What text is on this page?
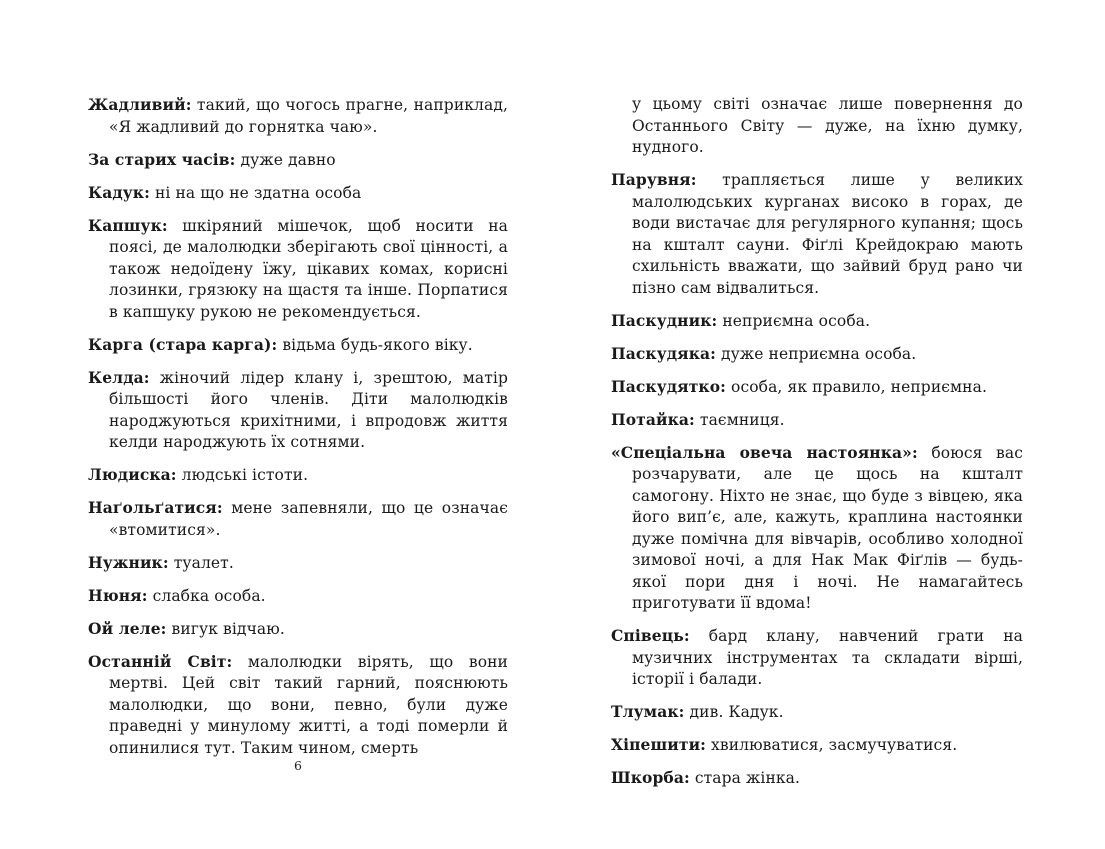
Жадливий: такий, що чогось прагне, наприклад, «Я жадливий до горнятка чаю».

За старих часів: дуже давно

Кадук: ні на що не здатна особа

Капшук: шкіряний мішечок, щоб носити на поясі, де малолюдки зберігають свої цінності, а також недоїдену їжу, цікавих комах, корисні лозинки, грязюку на щастя та інше. Порпатися в капшуку рукою не рекомендується.

Карга (стара карга): відьма будь-якого віку.

Келда: жіночий лідер клану і, зрештою, матір більшості його членів. Діти малолюдків народжуються крихітними, і впродовж життя келди народжують їх сотнями.

Людиска: людські істоти.

Наґольґатися: мене запевняли, що це означає «втомитися».

Нужник: туалет.

Нюня: слабка особа.

Ой леле: вигук відчаю.

Останній Світ: малолюдки вірять, що вони мертві. Цей світ такий гарний, пояснюють малолюдки, що вони, певно, були дуже праведні у минулому житті, а тоді померли й опинилися тут. Таким чином, смерть

у цьому світі означає лише повернення до Останнього Світу — дуже, на їхню думку, нудного.

Парувня: трапляється лише у великих малолюдських курганах високо в горах, де води вистачає для регулярного купання; щось на кшталт сауни. Фіґлі Крейдокраю мають схильність вважати, що зайвий бруд рано чи пізно сам відвалиться.

Паскудник: неприємна особа.

Паскудяка: дуже неприємна особа.

Паскудятко: особа, як правило, неприємна.

Потайка: таємниця.

«Спеціальна овеча настоянка»: боюся вас розчарувати, але це щось на кшталт самогону. Ніхто не знає, що буде з вівцею, яка його вип’є, але, кажуть, краплина настоянки дуже помічна для вівчарів, особливо холодної зимової ночі, а для Нак Мак Фіґлів — будь-якої пори дня і ночі. Не намагайтесь приготувати її вдома!

Співець: бард клану, навчений грати на музичних інструментах та складати вірші, історії і балади.

Тлумак: див. Кадук.

Хіпешити: хвилюватися, засмучуватися.

Шкорба: стара жінка.

6
